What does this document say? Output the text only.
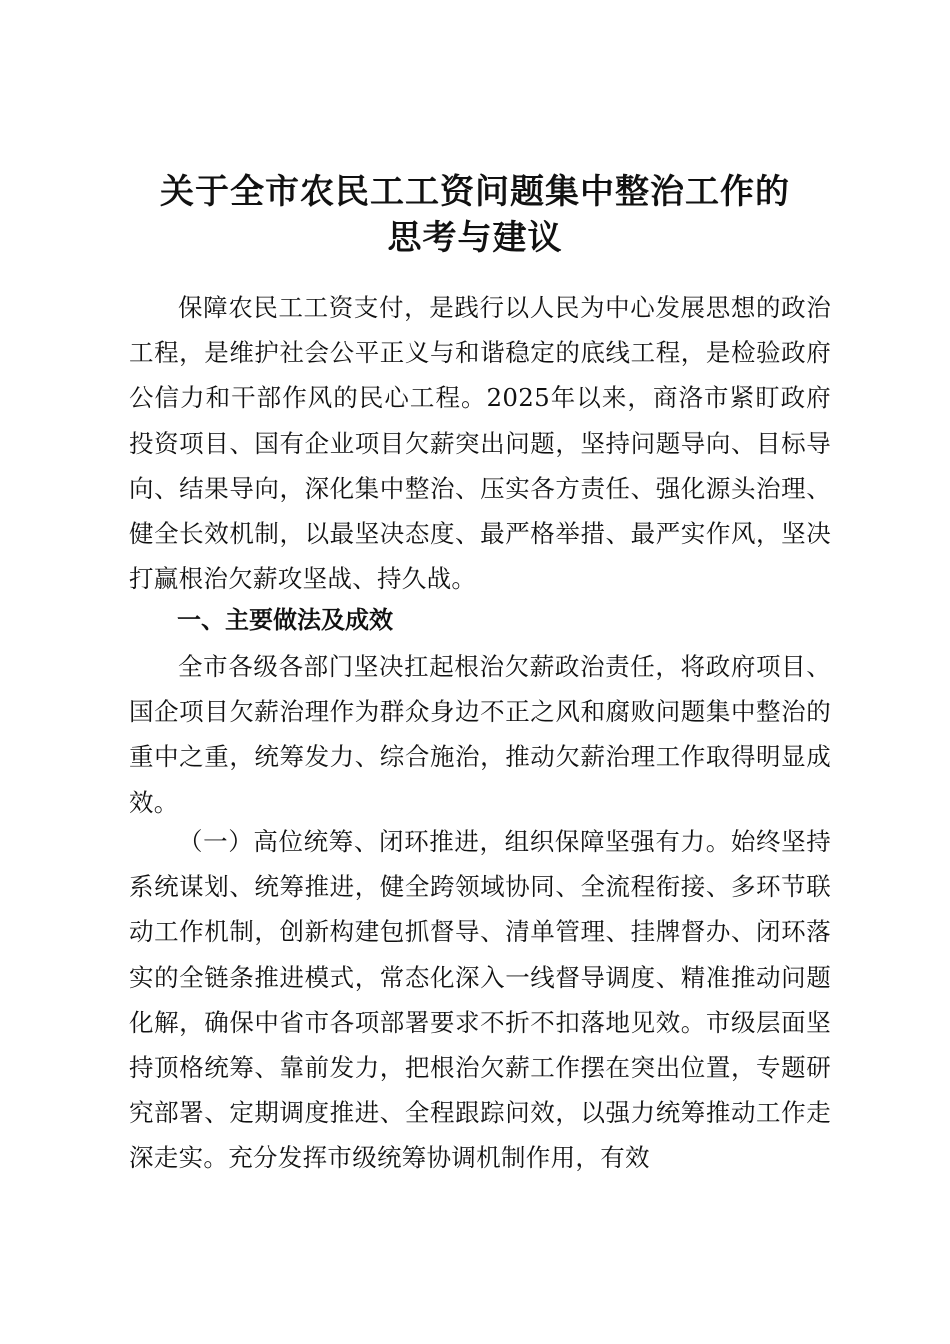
关于全市农民工工资问题集中整治工作的
思考与建议

保障农民工工资支付，是践行以人民为中心发展思想的政治工程，是维护社会公平正义与和谐稳定的底线工程，是检验政府公信力和干部作风的民心工程。2025年以来，商洛市紧盯政府投资项目、国有企业项目欠薪突出问题，坚持问题导向、目标导向、结果导向，深化集中整治、压实各方责任、强化源头治理、健全长效机制，以最坚决态度、最严格举措、最严实作风，坚决打赢根治欠薪攻坚战、持久战。

一、主要做法及成效

全市各级各部门坚决扛起根治欠薪政治责任，将政府项目、国企项目欠薪治理作为群众身边不正之风和腐败问题集中整治的重中之重，统筹发力、综合施治，推动欠薪治理工作取得明显成效。

（一）高位统筹、闭环推进，组织保障坚强有力。始终坚持系统谋划、统筹推进，健全跨领域协同、全流程衔接、多环节联动工作机制，创新构建包抓督导、清单管理、挂牌督办、闭环落实的全链条推进模式，常态化深入一线督导调度、精准推动问题化解，确保中省市各项部署要求不折不扣落地见效。市级层面坚持顶格统筹、靠前发力，把根治欠薪工作摆在突出位置，专题研究部署、定期调度推进、全程跟踪问效，以强力统筹推动工作走深走实。充分发挥市级统筹协调机制作用，有效
